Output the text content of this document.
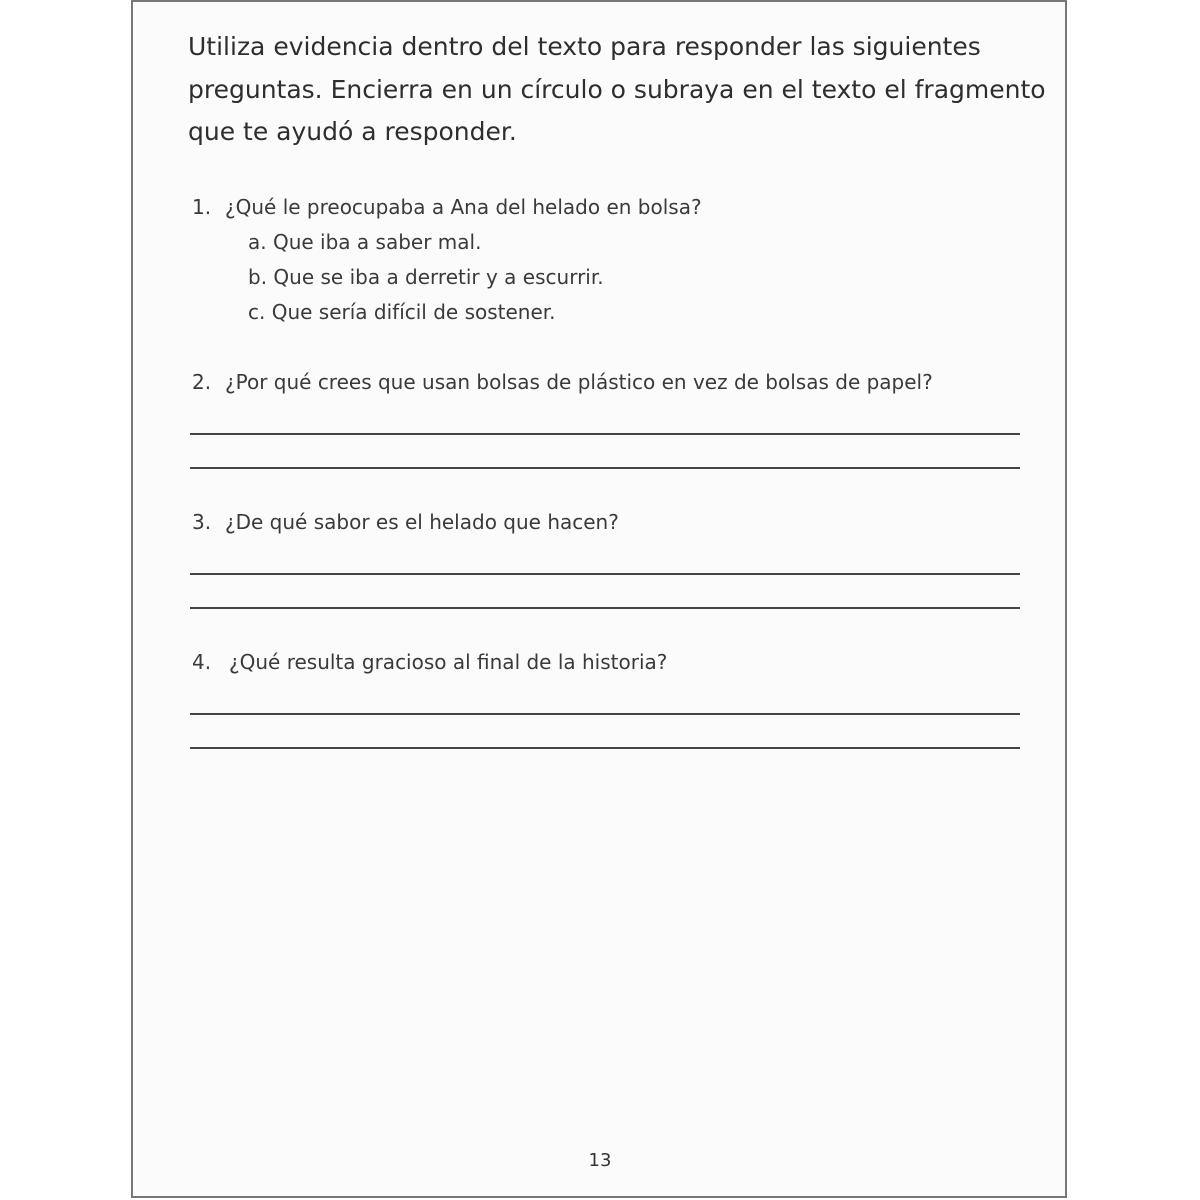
Utiliza evidencia dentro del texto para responder las siguientes
preguntas. Encierra en un círculo o subraya en el texto el fragmento
que te ayudó a responder.
1. ¿Qué le preocupaba a Ana del helado en bolsa?
a. Que iba a saber mal.
b. Que se iba a derretir y a escurrir.
c. Que sería difícil de sostener.
2. ¿Por qué crees que usan bolsas de plástico en vez de bolsas de papel?
3. ¿De qué sabor es el helado que hacen?
4. ¿Qué resulta gracioso al final de la historia?
13
